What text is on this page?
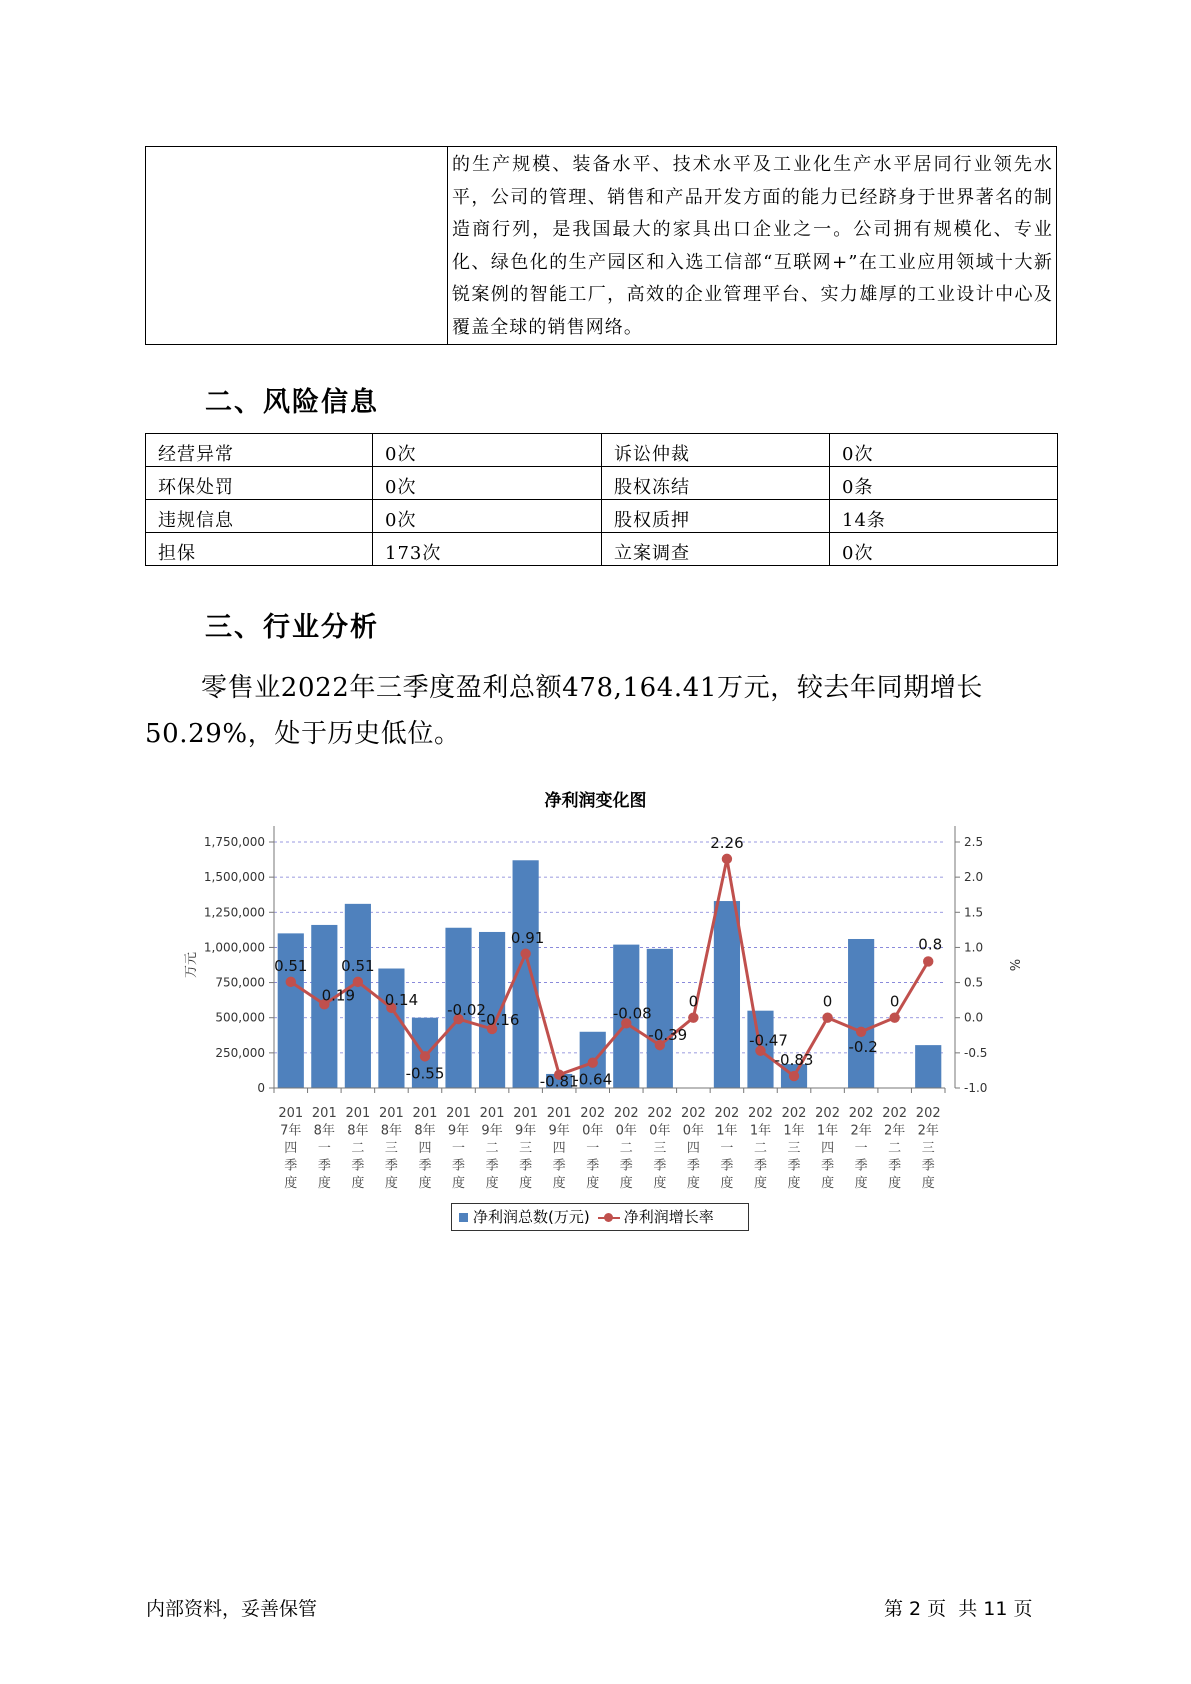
的生产规模、装备水平、技术水平及工业化生产水平居同行业领先水平，公司的管理、销售和产品开发方面的能力已经跻身于世界著名的制造商行列，是我国最大的家具出口企业之一。公司拥有规模化、专业化、绿色化的生产园区和入选工信部“互联网+”在工业应用领域十大新锐案例的智能工厂，高效的企业管理平台、实力雄厚的工业设计中心及覆盖全球的销售网络。
二、风险信息
经营异常	0次	诉讼仲裁	0次
环保处罚	0次	股权冻结	0条
违规信息	0次	股权质押	14条
担保	173次	立案调查	0次
三、行业分析
零售业2022年三季度盈利总额478,164.41万元，较去年同期增长50.29%，处于历史低位。
净利润变化图
0
250,000
500,000
750,000
1,000,000
1,250,000
1,500,000
1,750,000
-1.0
-0.5
0.0
0.5
1.0
1.5
2.0
2.5
万元	%
201
7年
四
季
度
201
8年
一
季
度
201
8年
二
季
度
201
8年
三
季
度
201
8年
四
季
度
201
9年
一
季
度
201
9年
二
季
度
201
9年
三
季
度
201
9年
四
季
度
202
0年
一
季
度
202
0年
二
季
度
202
0年
三
季
度
202
0年
四
季
度
202
1年
一
季
度
202
1年
二
季
度
202
1年
三
季
度
202
1年
四
季
度
202
2年
一
季
度
202
2年
二
季
度
202
2年
三
季
度
0.51
0.19
0.51
0.14
-0.55
-0.02
-0.16
0.91
-0.81
-0.64
-0.08
-0.39
0
2.26
-0.47
-0.83
0
-0.2
0
0.8
净利润总数(万元) 净利润增长率
内部资料，妥善保管	第 2 页  共 11 页
